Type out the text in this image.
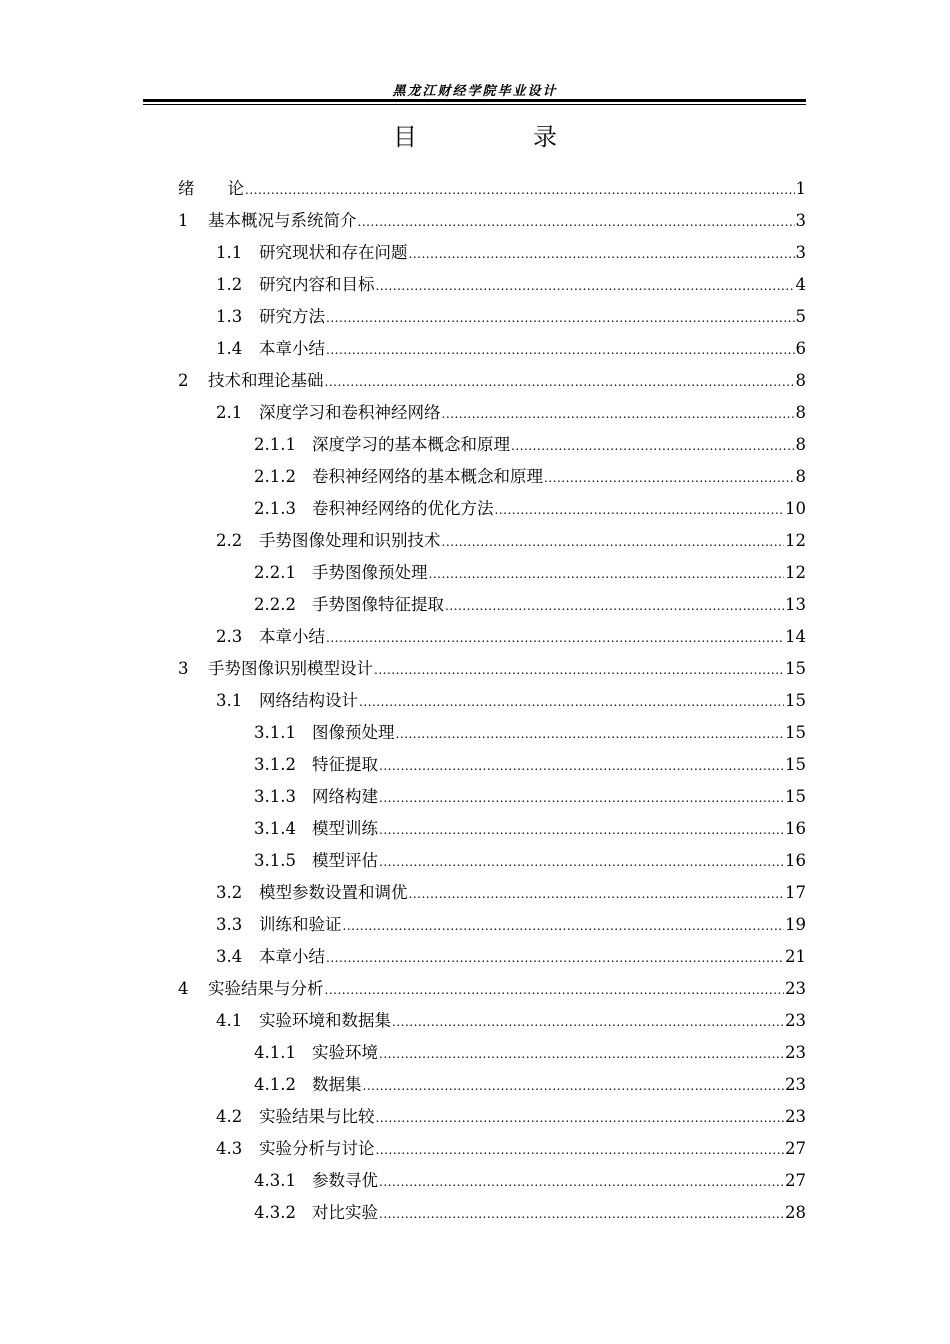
黑龙江财经学院毕业设计
目　录
绪　　论 .....	1
1	基本概况与系统简介 .....	3
1.1	研究现状和存在问题 .....	3
1.2	研究内容和目标 .....	4
1.3	研究方法 .....	5
1.4	本章小结 .....	6
2	技术和理论基础 .....	8
2.1	深度学习和卷积神经网络 .....	8
2.1.1 深度学习的基本概念和原理 .....	8
2.1.2 卷积神经网络的基本概念和原理 .....	8
2.1.3 卷积神经网络的优化方法 .....	10
2.2	手势图像处理和识别技术 .....	12
2.2.1 手势图像预处理 .....	12
2.2.2 手势图像特征提取 .....	13
2.3	本章小结 .....	14
3	手势图像识别模型设计 .....	15
3.1	网络结构设计 .....	15
3.1.1 图像预处理 .....	15
3.1.2 特征提取 .....	15
3.1.3 网络构建 .....	15
3.1.4 模型训练 .....	16
3.1.5 模型评估 .....	16
3.2	模型参数设置和调优 .....	17
3.3	训练和验证 .....	19
3.4	本章小结 .....	21
4	实验结果与分析 .....	23
4.1	实验环境和数据集 .....	23
4.1.1 实验环境 .....	23
4.1.2 数据集 .....	23
4.2	实验结果与比较 .....	23
4.3	实验分析与讨论 .....	27
4.3.1 参数寻优 .....	27
4.3.2 对比实验 .....	28
